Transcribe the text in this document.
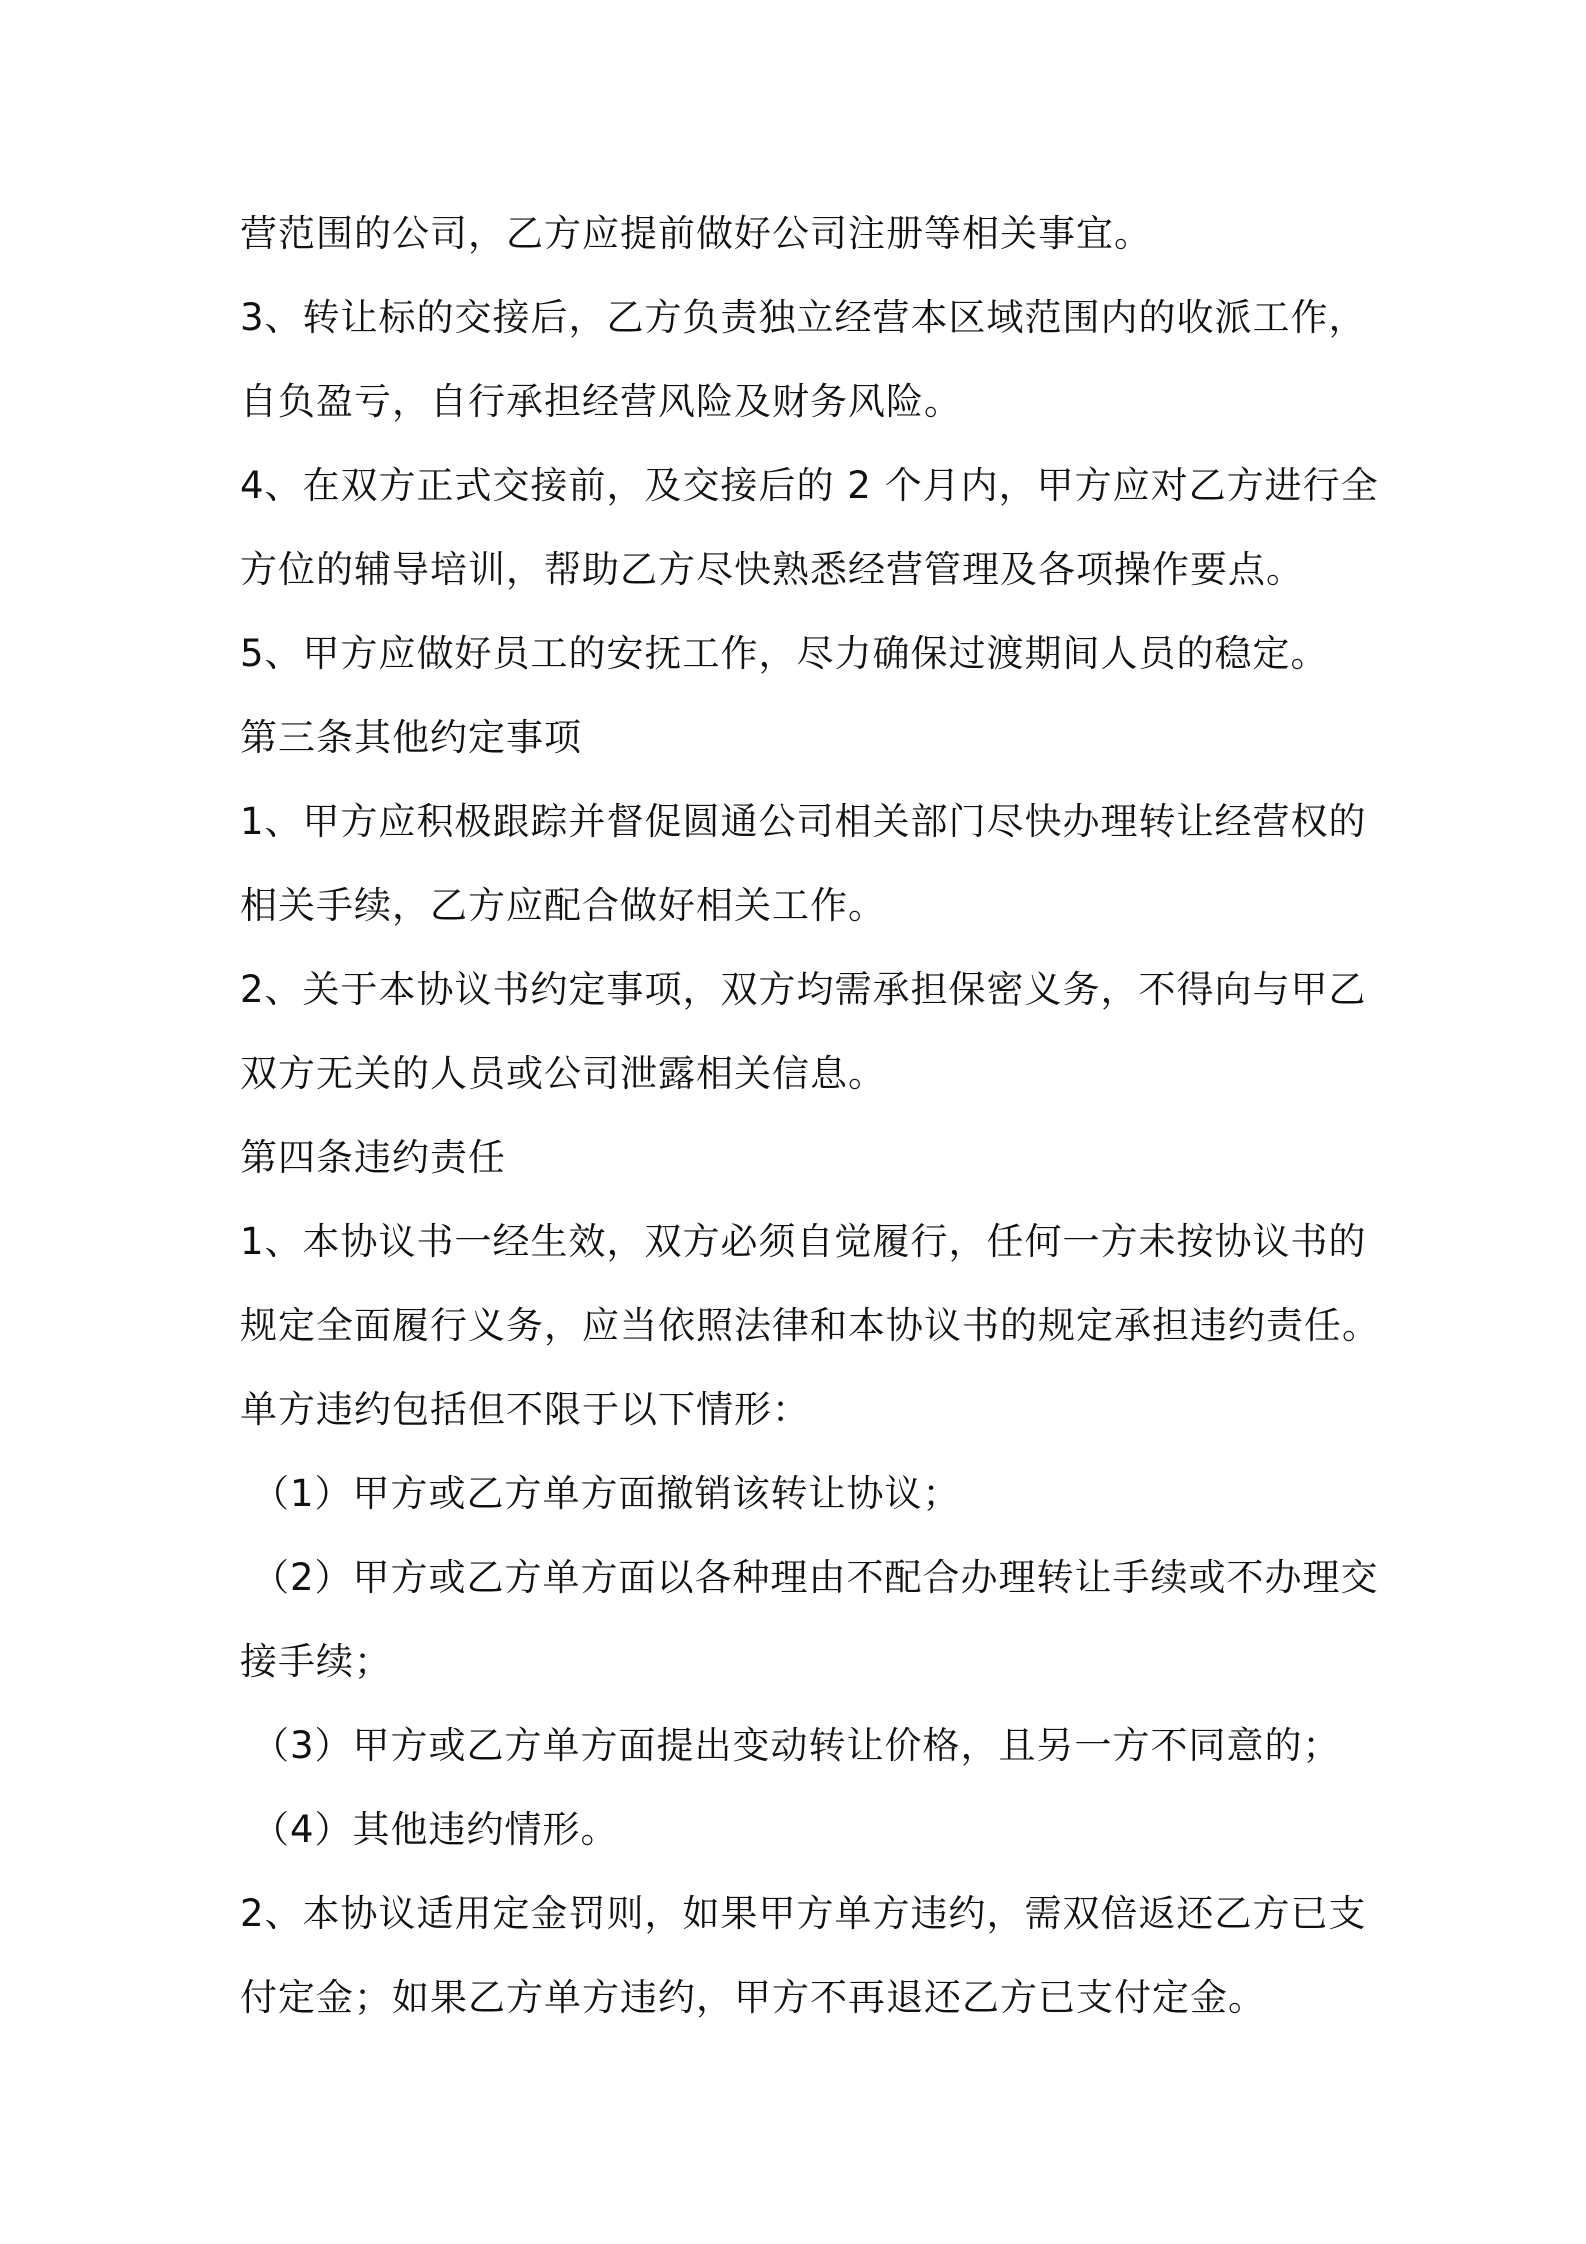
营范围的公司，乙方应提前做好公司注册等相关事宜。
3、转让标的交接后，乙方负责独立经营本区域范围内的收派工作，
自负盈亏，自行承担经营风险及财务风险。
4、在双方正式交接前，及交接后的 2 个月内，甲方应对乙方进行全
方位的辅导培训，帮助乙方尽快熟悉经营管理及各项操作要点。
5、甲方应做好员工的安抚工作，尽力确保过渡期间人员的稳定。
第三条其他约定事项
1、甲方应积极跟踪并督促圆通公司相关部门尽快办理转让经营权的
相关手续，乙方应配合做好相关工作。
2、关于本协议书约定事项，双方均需承担保密义务，不得向与甲乙
双方无关的人员或公司泄露相关信息。
第四条违约责任
1、本协议书一经生效，双方必须自觉履行，任何一方未按协议书的
规定全面履行义务，应当依照法律和本协议书的规定承担违约责任。
单方违约包括但不限于以下情形：
（1）甲方或乙方单方面撤销该转让协议；
（2）甲方或乙方单方面以各种理由不配合办理转让手续或不办理交
接手续；
（3）甲方或乙方单方面提出变动转让价格，且另一方不同意的；
（4）其他违约情形。
2、本协议适用定金罚则，如果甲方单方违约，需双倍返还乙方已支
付定金；如果乙方单方违约，甲方不再退还乙方已支付定金。
